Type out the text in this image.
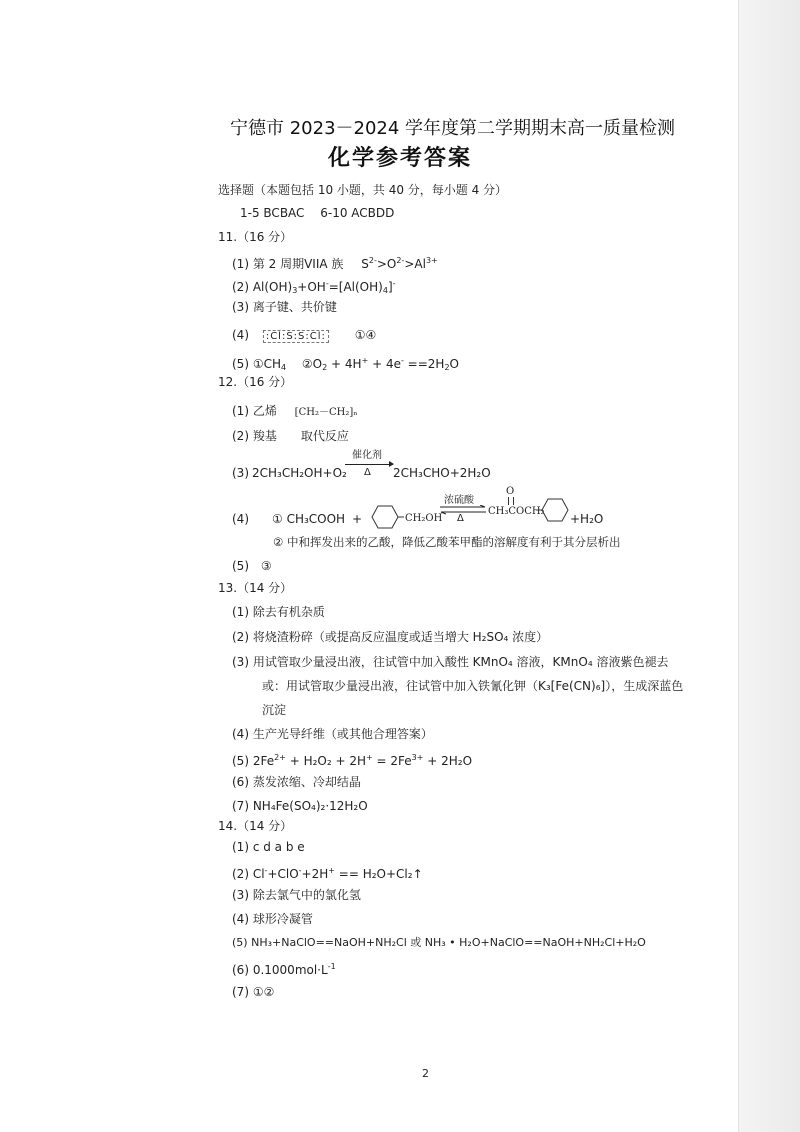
宁德市 2023－2024 学年度第二学期期末高一质量检测
化学参考答案
选择题（本题包括 10 小题，共 40 分，每小题 4 分）
1-5 BCBAC　 6-10 ACBDD
11.（16 分）
(1) 第 2 周期VIIA 族 $S^{2-}>O^{2-}>Al^{3+}$
(2) $Al(OH)_3+OH^-=[Al(OH)_4]^-$
(3) 离子键、共价键
(4) :Cl:S:S:Cl: ①④
(5) $①CH_4$ $②O_2 + 4H^+ + 4e^- ==2H_2O$
12.（16 分）
(1) 乙烯 [CH₂－CH₂]ₙ
(2) 羧基　　取代反应
(3) 2CH₃CH₂OH+O₂
催化剂
Δ 2CH₃CHO+2H₂O
(4) ① CH₃COOH +	CH₂OH
浓硫酸
Δ
O
CH₃COCH₂
+H₂O
② 中和挥发出来的乙酸，降低乙酸苯甲酯的溶解度有利于其分层析出
(5) ③
13.（14 分）
(1) 除去有机杂质
(2) 将烧渣粉碎（或提高反应温度或适当增大 H₂SO₄ 浓度）
(3) 用试管取少量浸出液，往试管中加入酸性 KMnO₄ 溶液，KMnO₄ 溶液紫色褪去
或：用试管取少量浸出液，往试管中加入铁氰化钾（K₃[Fe(CN)₆]），生成深蓝色
沉淀
(4) 生产光导纤维（或其他合理答案）
(5) $2Fe^{2+} + H_2O_2 + 2H^+ = 2Fe^{3+} + 2H_2O$
(6) 蒸发浓缩、冷却结晶
(7) NH₄Fe(SO₄)₂·12H₂O
14.（14 分）
(1) c d a b e
(2) Cl-+ClO-+2H+ == H₂O+Cl₂↑
(3) 除去氯气中的氯化氢
(4) 球形冷凝管
(5) NH₃+NaClO==NaOH+NH₂Cl 或 NH₃ • H₂O+NaClO==NaOH+NH₂Cl+H₂O
(6) $0.1000mol\cdot L^{-1}$
(7) ①②
2
